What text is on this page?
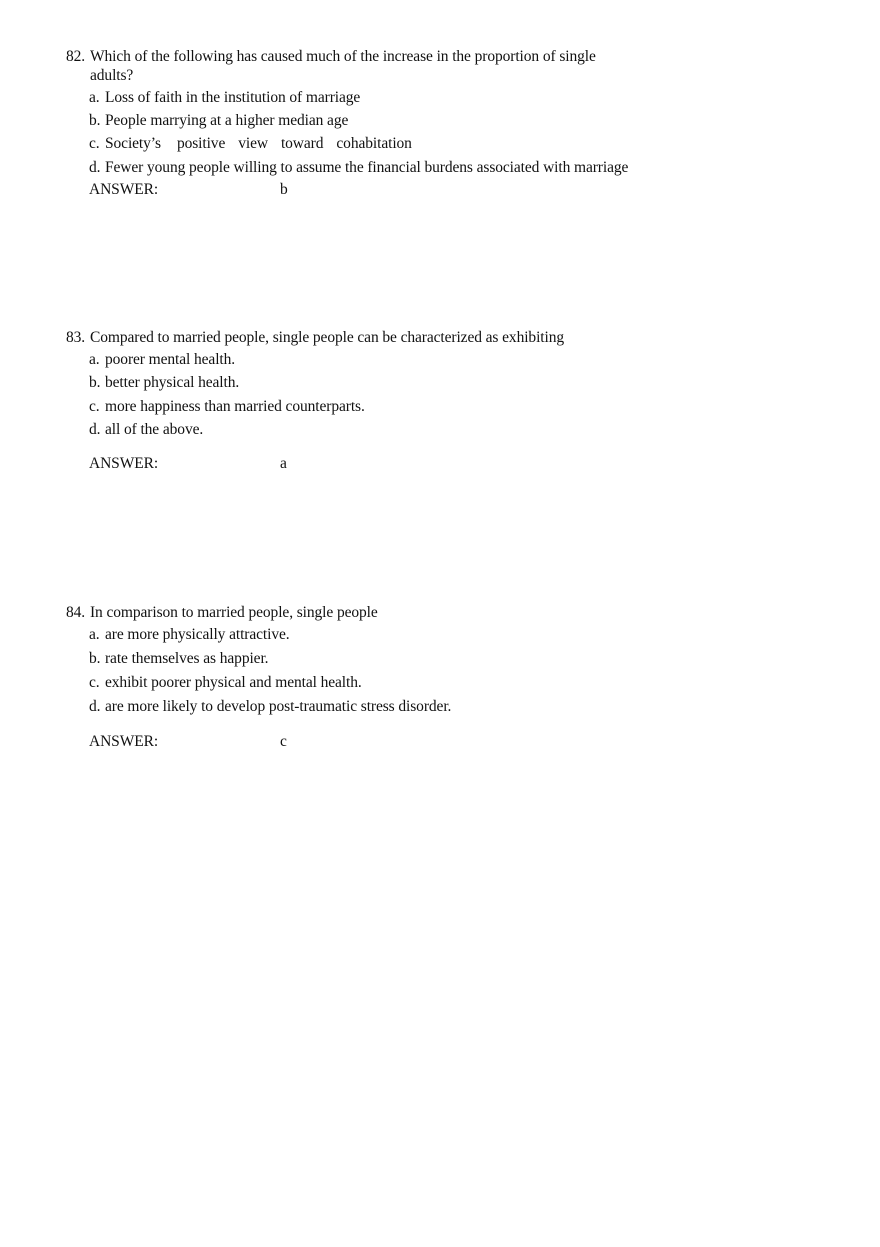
82. Which of the following has caused much of the increase in the proportion of single
adults?
a. Loss of faith in the institution of marriage
b. People marrying at a higher median age
c. Society’s positive view toward cohabitation
d. Fewer young people willing to assume the financial burdens associated with marriage
ANSWER:	b
83. Compared to married people, single people can be characterized as exhibiting
a. poorer mental health.
b. better physical health.
c. more happiness than married counterparts.
d. all of the above.
ANSWER:	a
84. In comparison to married people, single people
a. are more physically attractive.
b. rate themselves as happier.
c. exhibit poorer physical and mental health.
d. are more likely to develop post-traumatic stress disorder.
ANSWER:	c
